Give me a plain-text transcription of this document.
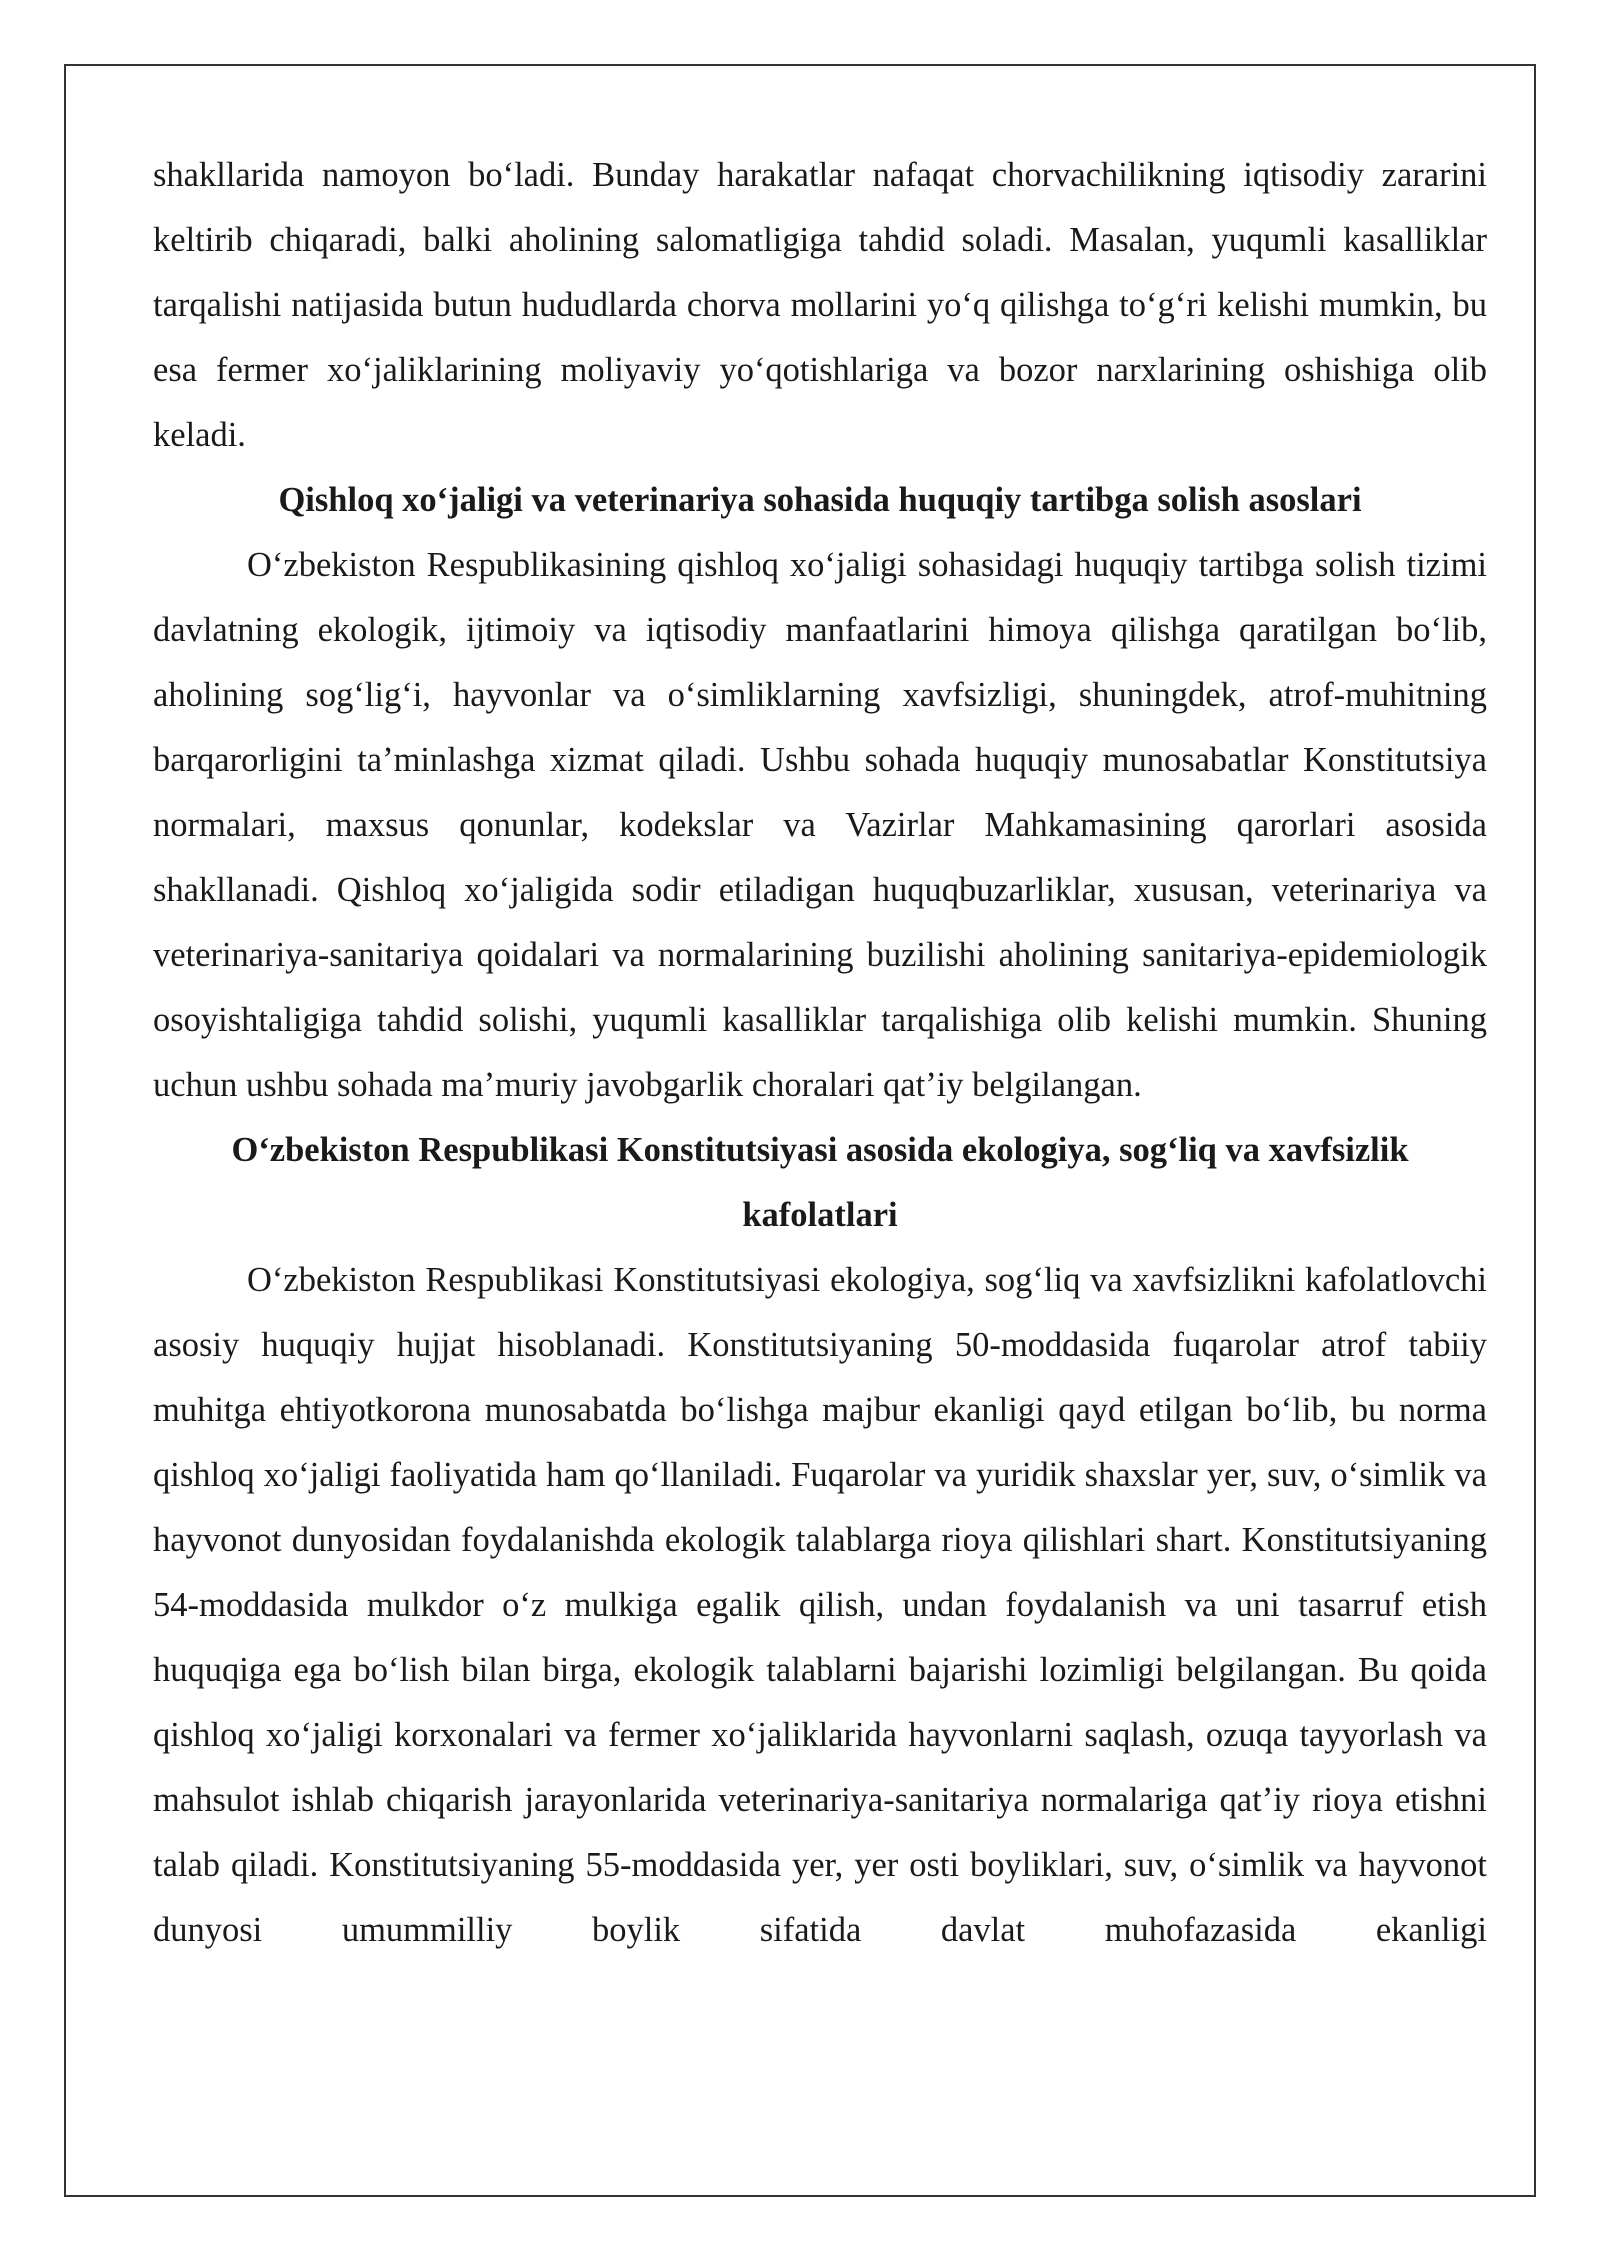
shakllarida namoyon boʻladi. Bunday harakatlar nafaqat chorvachilikning iqtisodiy zararini keltirib chiqaradi, balki aholining salomatligiga tahdid soladi. Masalan, yuqumli kasalliklar tarqalishi natijasida butun hududlarda chorva mollarini yoʻq qilishga toʻgʻri kelishi mumkin, bu esa fermer xoʻjaliklarining moliyaviy yoʻqotishlariga va bozor narxlarining oshishiga olib keladi.

Qishloq xoʻjaligi va veterinariya sohasida huquqiy tartibga solish asoslari

Oʻzbekiston Respublikasining qishloq xoʻjaligi sohasidagi huquqiy tartibga solish tizimi davlatning ekologik, ijtimoiy va iqtisodiy manfaatlarini himoya qilishga qaratilgan boʻlib, aholining sogʻligʻi, hayvonlar va oʻsimliklarning xavfsizligi, shuningdek, atrof-muhitning barqarorligini taʼminlashga xizmat qiladi. Ushbu sohada huquqiy munosabatlar Konstitutsiya normalari, maxsus qonunlar, kodekslar va Vazirlar Mahkamasining qarorlari asosida shakllanadi. Qishloq xoʻjaligida sodir etiladigan huquqbuzarliklar, xususan, veterinariya va veterinariya-sanitariya qoidalari va normalarining buzilishi aholining sanitariya-epidemiologik osoyishtaligiga tahdid solishi, yuqumli kasalliklar tarqalishiga olib kelishi mumkin. Shuning uchun ushbu sohada maʼmuriy javobgarlik choralari qatʼiy belgilangan.

Oʻzbekiston Respublikasi Konstitutsiyasi asosida ekologiya, sogʻliq va xavfsizlik kafolatlari

Oʻzbekiston Respublikasi Konstitutsiyasi ekologiya, sogʻliq va xavfsizlikni kafolatlovchi asosiy huquqiy hujjat hisoblanadi. Konstitutsiyaning 50-moddasida fuqarolar atrof tabiiy muhitga ehtiyotkorona munosabatda boʻlishga majbur ekanligi qayd etilgan boʻlib, bu norma qishloq xoʻjaligi faoliyatida ham qoʻllaniladi. Fuqarolar va yuridik shaxslar yer, suv, oʻsimlik va hayvonot dunyosidan foydalanishda ekologik talablarga rioya qilishlari shart. Konstitutsiyaning 54-moddasida mulkdor oʻz mulkiga egalik qilish, undan foydalanish va uni tasarruf etish huquqiga ega boʻlish bilan birga, ekologik talablarni bajarishi lozimligi belgilangan. Bu qoida qishloq xoʻjaligi korxonalari va fermer xoʻjaliklarida hayvonlarni saqlash, ozuqa tayyorlash va mahsulot ishlab chiqarish jarayonlarida veterinariya-sanitariya normalariga qatʼiy rioya etishni talab qiladi. Konstitutsiyaning 55-moddasida yer, yer osti boyliklari, suv, oʻsimlik va hayvonot dunyosi umummilliy boylik sifatida davlat muhofazasida ekanligi
